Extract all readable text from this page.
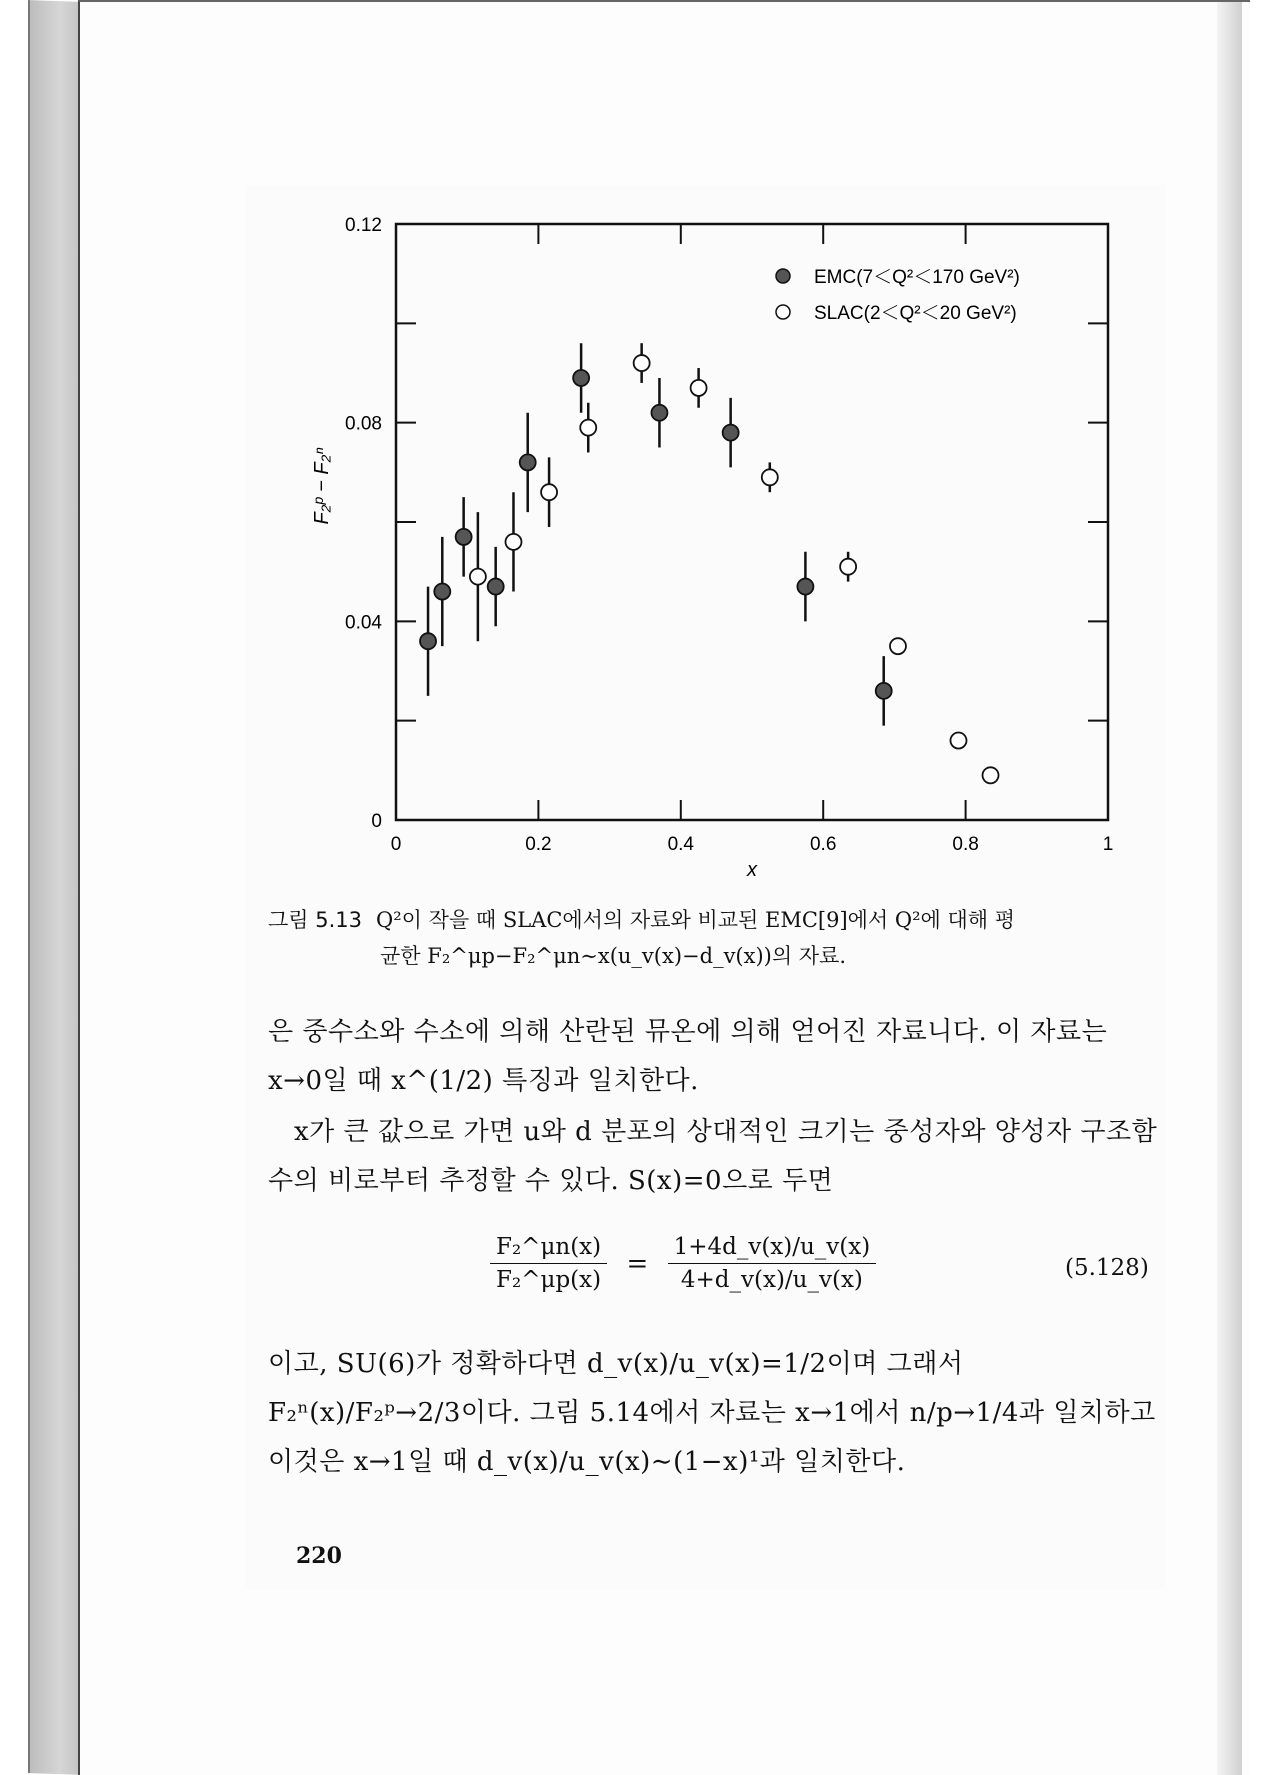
0	0.2	0.4	0.6	0.8	1
0
0.04
0.08
0.12
x
F₂ᵖ − F₂ⁿ
EMC(7＜Q²＜170 GeV²)
SLAC(2＜Q²＜20 GeV²)
그림 5.13 Q²이 작을 때 SLAC에서의 자료와 비교된 EMC[9]에서 Q²에 대해 평
균한 F₂^μp−F₂^μn∼x(u_v(x)−d_v(x))의 자료.
은 중수소와 수소에 의해 산란된 뮤온에 의해 얻어진 자료니다. 이 자료는 x→0일 때 x^(1/2) 특징과 일치한다.
x가 큰 값으로 가면 u와 d 분포의 상대적인 크기는 중성자와 양성자 구조함수의 비로부터 추정할 수 있다. S(x)=0으로 두면
$\frac{\text{F₂\textasciicircum{}μn(x)}}{\text{F₂\textasciicircum{}μp(x)}} = \frac{1+4d\_v(x)/u\_v(x)}{4+d\_v(x)/u\_v(x)}$	(5.128)
이고, SU(6)가 정확하다면 d_v(x)/u_v(x)=1/2이며 그래서 F₂ⁿ(x)/F₂ᵖ→2/3이다. 그림 5.14에서 자료는 x→1에서 n/p→1/4과 일치하고 이것은 x→1일 때 d_v(x)/u_v(x)∼(1−x)¹과 일치한다.
220
